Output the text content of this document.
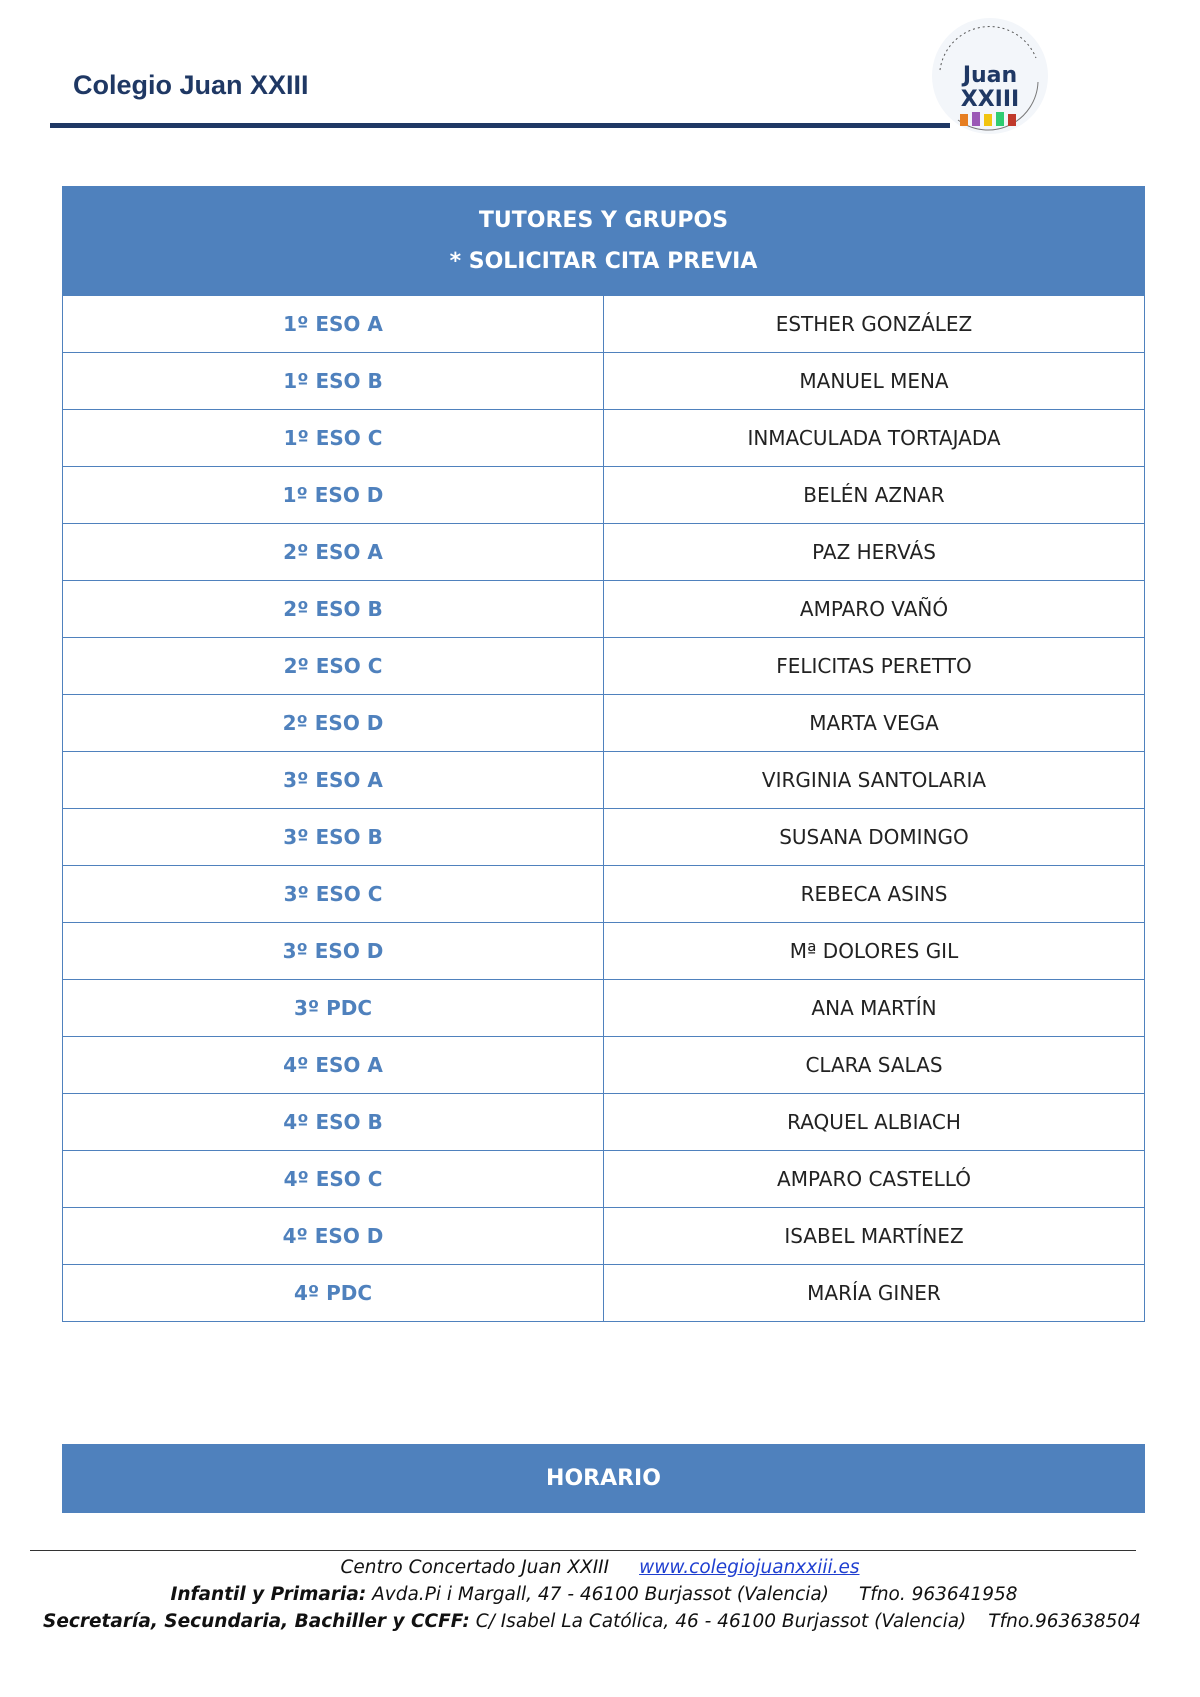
Colegio Juan XXIII	Juan
XXIII
TUTORES Y GRUPOS
* SOLICITAR CITA PREVIA	

1º ESO A	ESTHER GONZÁLEZ
1º ESO B	MANUEL MENA
1º ESO C	INMACULADA TORTAJADA
1º ESO D	BELÉN AZNAR
2º ESO A	PAZ HERVÁS
2º ESO B	AMPARO VAÑÓ
2º ESO C	FELICITAS PERETTO
2º ESO D	MARTA VEGA
3º ESO A	VIRGINIA SANTOLARIA
3º ESO B	SUSANA DOMINGO
3º ESO C	REBECA ASINS
3º ESO D	Mª DOLORES GIL
3º PDC	ANA MARTÍN
4º ESO A	CLARA SALAS
4º ESO B	RAQUEL ALBIACH
4º ESO C	AMPARO CASTELLÓ
4º ESO D	ISABEL MARTÍNEZ
4º PDC	MARÍA GINER
HORARIO
Centro Concertado Juan XXIII www.colegiojuanxxiii.es
Infantil y Primaria: Avda.Pi i Margall, 47 - 46100 Burjassot (Valencia) Tfno. 963641958
Secretaría, Secundaria, Bachiller y CCFF: C/ Isabel La Católica, 46 - 46100 Burjassot (Valencia) Tfno.963638504
